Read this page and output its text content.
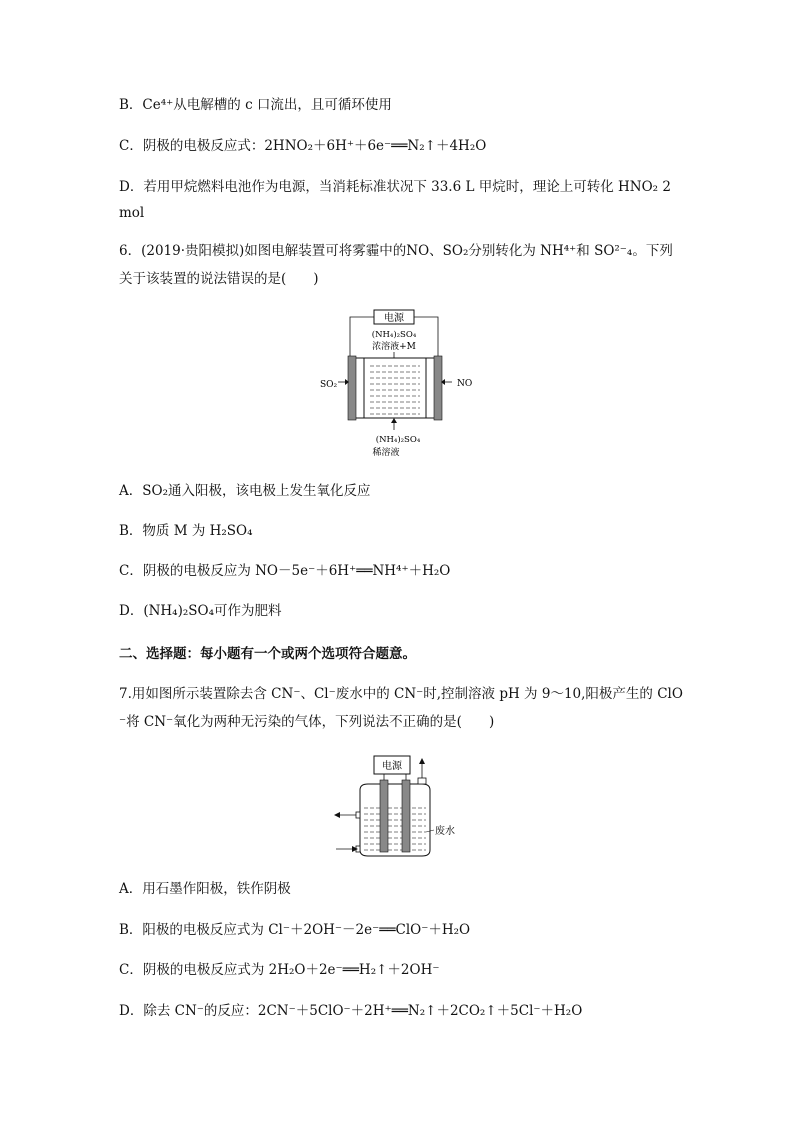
B．Ce⁴⁺从电解槽的 c 口流出，且可循环使用
C．阴极的电极反应式：2HNO₂＋6H⁺＋6e⁻══N₂↑＋4H₂O
D．若用甲烷燃料电池作为电源，当消耗标准状况下 33.6 L 甲烷时，理论上可转化 HNO₂ 2
mol
6．(2019·贵阳模拟)如图电解装置可将雾霾中的NO、SO₂分别转化为 NH⁴⁺和 SO²⁻₄。下列
关于该装置的说法错误的是(　　)
电源
(NH₄)₂SO₄
浓溶液+M
SO₂	NO
(NH₄)₂SO₄
稀溶液
A．SO₂通入阳极，该电极上发生氧化反应
B．物质 M 为 H₂SO₄
C．阴极的电极反应为 NO－5e⁻＋6H⁺══NH⁴⁺＋H₂O
D．(NH₄)₂SO₄可作为肥料
二、选择题：每小题有一个或两个选项符合题意。
7.用如图所示装置除去含 CN⁻、Cl⁻废水中的 CN⁻时,控制溶液 pH 为 9～10,阳极产生的 ClO
⁻将 CN⁻氧化为两种无污染的气体，下列说法不正确的是(　　)
电源
废水
A．用石墨作阳极，铁作阴极
B．阳极的电极反应式为 Cl⁻＋2OH⁻－2e⁻══ClO⁻＋H₂O
C．阴极的电极反应式为 2H₂O＋2e⁻══H₂↑＋2OH⁻
D．除去 CN⁻的反应：2CN⁻＋5ClO⁻＋2H⁺══N₂↑＋2CO₂↑＋5Cl⁻＋H₂O
